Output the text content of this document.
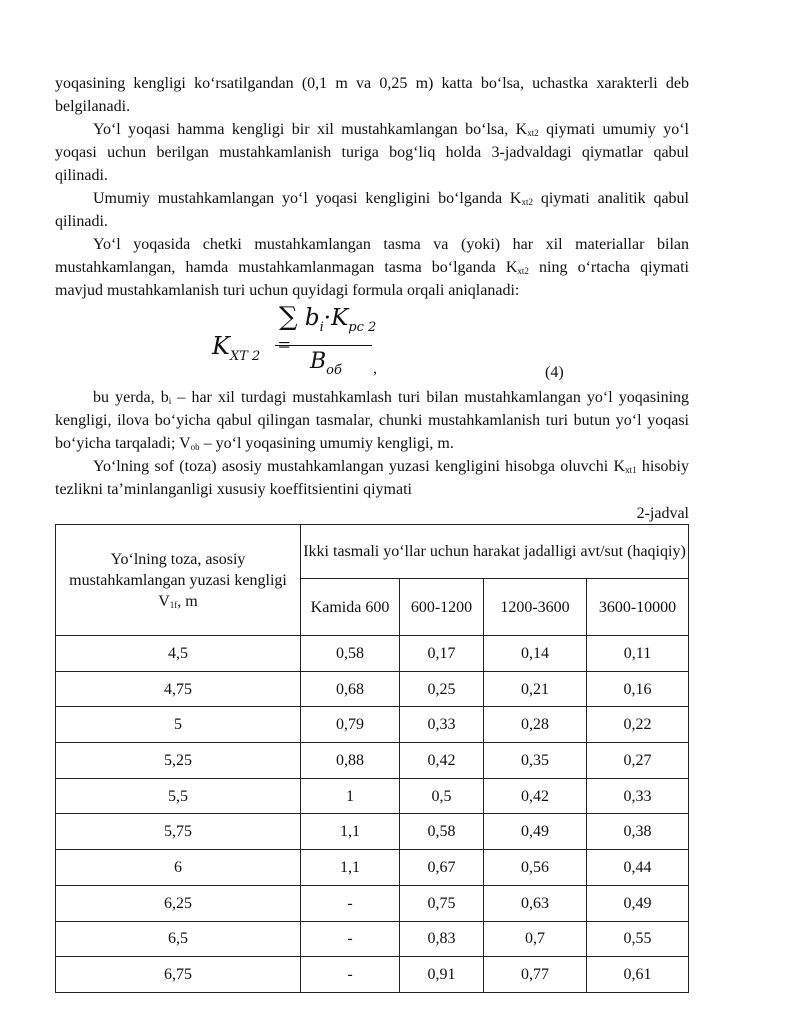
yoqasining kengligi ko‘rsatilgandan (0,1 m va 0,25 m) katta bo‘lsa, uchastka xarakterli deb belgilanadi.

Yo‘l yoqasi hamma kengligi bir xil mustahkamlangan bo‘lsa, $K_{xt2}$ qiymati umumiy yo‘l yoqasi uchun berilgan mustahkamlanish turiga bog‘liq holda 3-jadvaldagi qiymatlar qabul qilinadi.

Umumiy mustahkamlangan yo‘l yoqasi kengligini bo‘lganda $K_{xt2}$ qiymati analitik qabul qilinadi.

Yo‘l yoqasida chetki mustahkamlangan tasma va (yoki) har xil materiallar bilan mustahkamlangan, hamda mustahkamlanmagan tasma bo‘lganda $K_{xt2}$ ning o‘rtacha qiymati mavjud mustahkamlanish turi uchun quyidagi formula orqali aniqlanadi:

$K_{XT 2}$ =
∑ $b_i\cdot K_{pc 2}$
$B_{об}$ ,	(4)

bu yerda, $b_i$ – har xil turdagi mustahkamlash turi bilan mustahkamlangan yo‘l yoqasining kengligi, ilova bo‘yicha qabul qilingan tasmalar, chunki mustahkamlanish turi butun yo‘l yoqasi bo‘yicha tarqaladi; $V_{ob}$ – yo‘l yoqasining umumiy kengligi, m.

Yo‘lning sof (toza) asosiy mustahkamlangan yuzasi kengligini hisobga oluvchi $K_{xt1}$ hisobiy tezlikni ta’minlanganligi xususiy koeffitsientini qiymati

2-jadval
Yo‘lning toza, asosiy mustahkamlangan yuzasi kengligi $V_{1f}$, m	Ikki tasmali yo‘llar uchun harakat jadalligi avt/sut (haqiqiy)			
	Kamida 600	600-1200	1200-3600	3600-10000
4,5	0,58	0,17	0,14	0,11
4,75	0,68	0,25	0,21	0,16
5	0,79	0,33	0,28	0,22
5,25	0,88	0,42	0,35	0,27
5,5	1	0,5	0,42	0,33
5,75	1,1	0,58	0,49	0,38
6	1,1	0,67	0,56	0,44
6,25	-	0,75	0,63	0,49
6,5	-	0,83	0,7	0,55
6,75	-	0,91	0,77	0,61
